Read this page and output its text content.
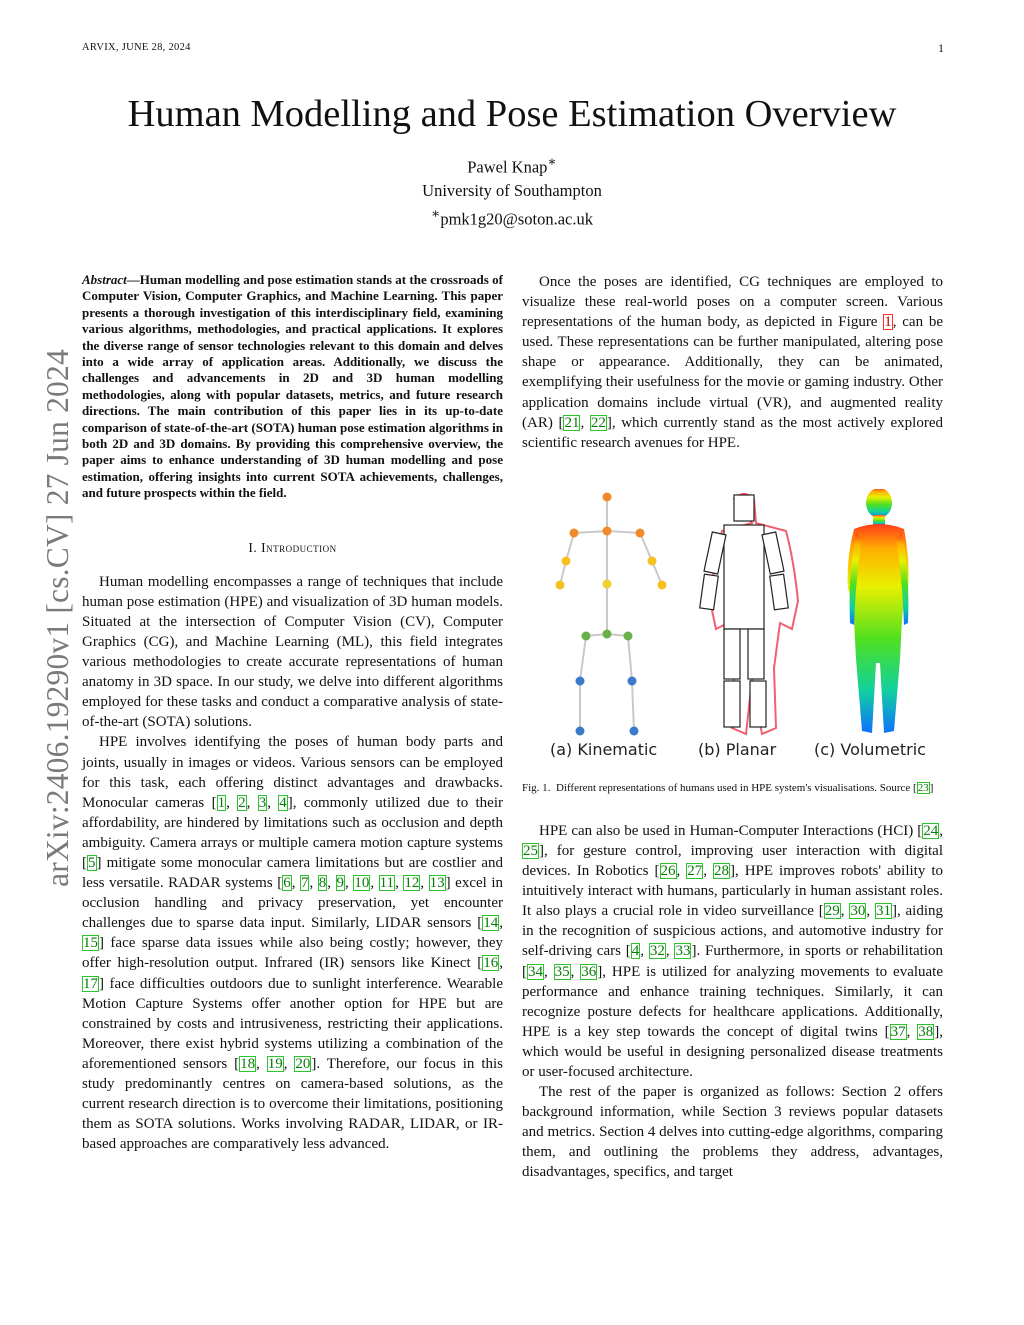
ARVIX, JUNE 28, 2024	1
arXiv:2406.19290v1 [cs.CV] 27 Jun 2024
Human Modelling and Pose Estimation Overview
Pawel Knap∗
University of Southampton
∗pmk1g20@soton.ac.uk

Abstract—Human modelling and pose estimation stands at the crossroads of Computer Vision, Computer Graphics, and Machine Learning. This paper presents a thorough investigation of this interdisciplinary field, examining various algorithms, methodologies, and practical applications. It explores the diverse range of sensor technologies relevant to this domain and delves into a wide array of application areas. Additionally, we discuss the challenges and advancements in 2D and 3D human modelling methodologies, along with popular datasets, metrics, and future research directions. The main contribution of this paper lies in its up-to-date comparison of state-of-the-art (SOTA) human pose estimation algorithms in both 2D and 3D domains. By providing this comprehensive overview, the paper aims to enhance understanding of 3D human modelling and pose estimation, offering insights into current SOTA achievements, challenges, and future prospects within the field.

I. Introduction

Human modelling encompasses a range of techniques that include human pose estimation (HPE) and visualization of 3D human models. Situated at the intersection of Computer Vision (CV), Computer Graphics (CG), and Machine Learning (ML), this field integrates various methodologies to create accurate representations of human anatomy in 3D space. In our study, we delve into different algorithms employed for these tasks and conduct a comparative analysis of state-of-the-art (SOTA) solutions.

HPE involves identifying the poses of human body parts and joints, usually in images or videos. Various sensors can be employed for this task, each offering distinct advantages and drawbacks. Monocular cameras [1, 2, 3, 4], commonly utilized due to their affordability, are hindered by limitations such as occlusion and depth ambiguity. Camera arrays or multiple camera motion capture systems [5] mitigate some monocular camera limitations but are costlier and less versatile. RADAR systems [6, 7, 8, 9, 10, 11, 12, 13] excel in occlusion handling and privacy preservation, yet encounter challenges due to sparse data input. Similarly, LIDAR sensors [14, 15] face sparse data issues while also being costly; however, they offer high-resolution output. Infrared (IR) sensors like Kinect [16, 17] face difficulties outdoors due to sunlight interference. Wearable Motion Capture Systems offer another option for HPE but are constrained by costs and intrusiveness, restricting their applications. Moreover, there exist hybrid systems utilizing a combination of the aforementioned sensors [18, 19, 20]. Therefore, our focus in this study predominantly centres on camera-based solutions, as the current research direction is to overcome their limitations, positioning them as SOTA solutions. Works involving RADAR, LIDAR, or IR-based approaches are comparatively less advanced.

Once the poses are identified, CG techniques are employed to visualize these real-world poses on a computer screen. Various representations of the human body, as depicted in Figure 1, can be used. These representations can be further manipulated, altering pose shape or appearance. Additionally, they can be animated, exemplifying their usefulness for the movie or gaming industry. Other application domains include virtual (VR), and augmented reality (AR) [21, 22], which currently stand as the most actively explored scientific research avenues for HPE.

(a) Kinematic	(b) Planar (c) Volumetric
Fig. 1. Different representations of humans used in HPE system's visualisations. Source [23]

HPE can also be used in Human-Computer Interactions (HCI) [24, 25], for gesture control, improving user interaction with digital devices. In Robotics [26, 27, 28], HPE improves robots' ability to intuitively interact with humans, particularly in human assistant roles. It also plays a crucial role in video surveillance [29, 30, 31], aiding in the recognition of suspicious actions, and automotive industry for self-driving cars [4, 32, 33]. Furthermore, in sports or rehabilitation [34, 35, 36], HPE is utilized for analyzing movements to evaluate performance and enhance training techniques. Similarly, it can recognize posture defects for healthcare applications. Additionally, HPE is a key step towards the concept of digital twins [37, 38], which would be useful in designing personalized disease treatments or user-focused architecture.

The rest of the paper is organized as follows: Section 2 offers background information, while Section 3 reviews popular datasets and metrics. Section 4 delves into cutting-edge algorithms, comparing them, and outlining the problems they address, advantages, disadvantages, specifics, and target
